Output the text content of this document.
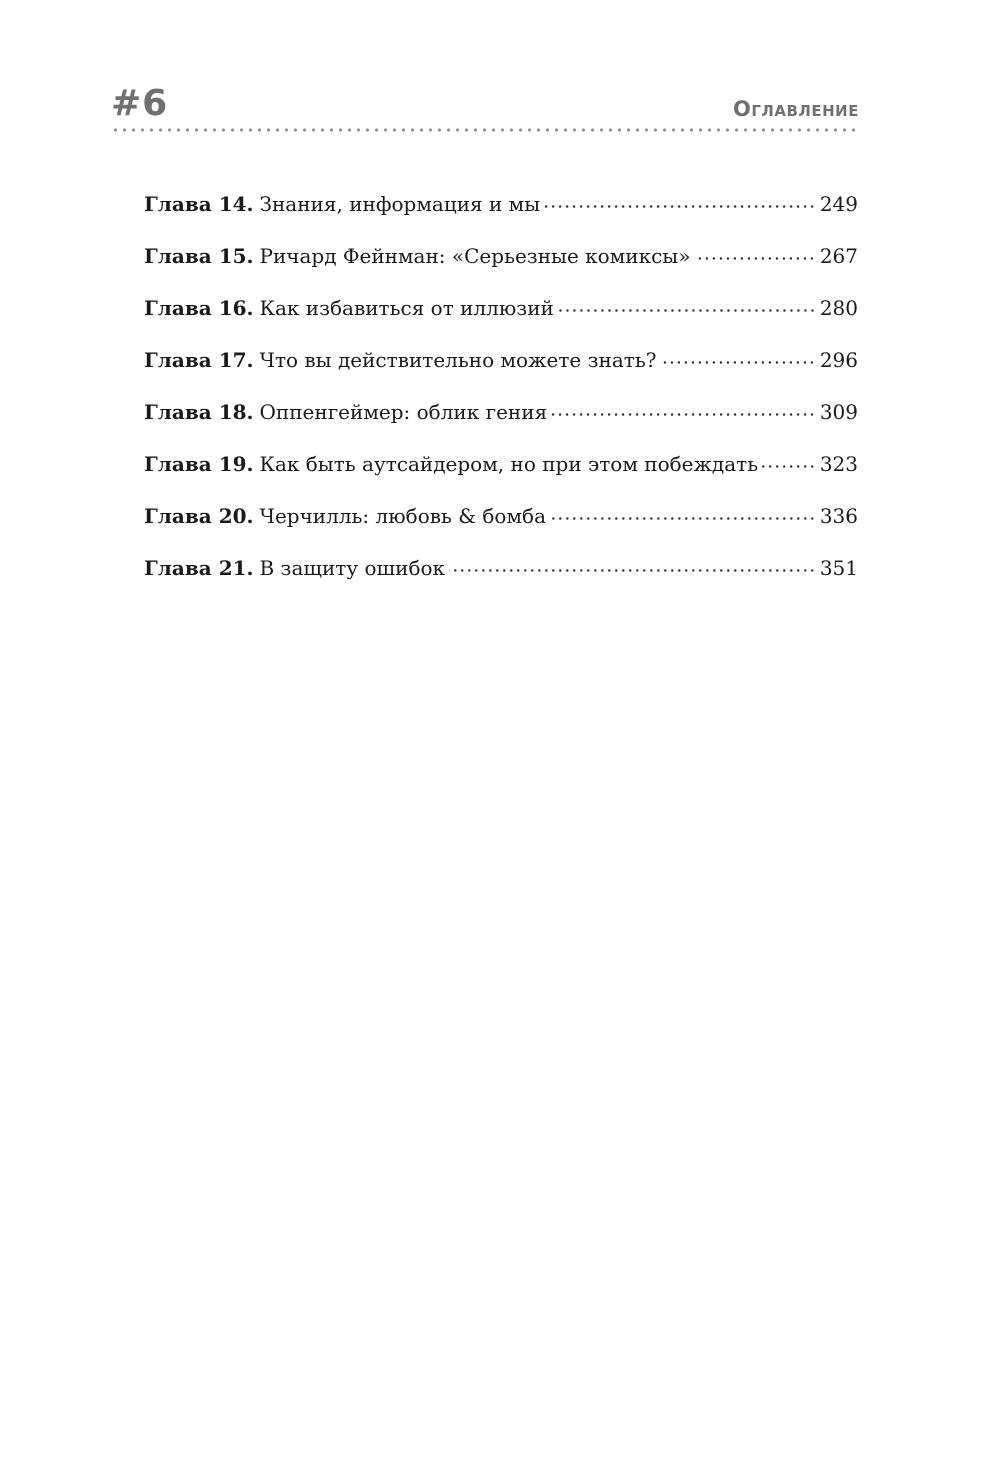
#6	Оглавление
Глава 14. Знания, информация и мы	249
Глава 15. Ричард Фейнман: «Серьезные комиксы»	267
Глава 16. Как избавиться от иллюзий	280
Глава 17. Что вы действительно можете знать?	296
Глава 18. Оппенгеймер: облик гения	309
Глава 19. Как быть аутсайдером, но при этом побеждать	323
Глава 20. Черчилль: любовь & бомба	336
Глава 21. В защиту ошибок	351
